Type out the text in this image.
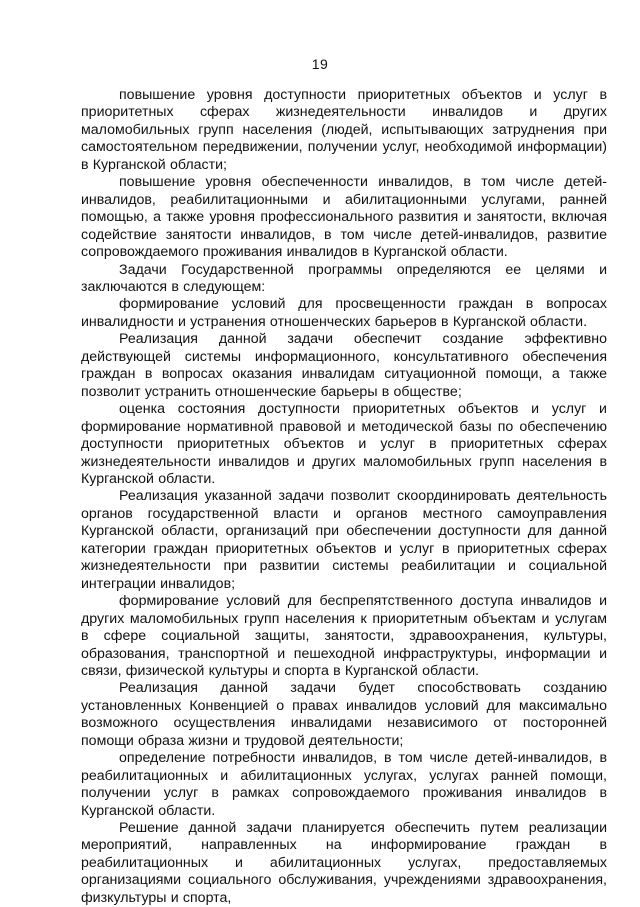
19

повышение уровня доступности приоритетных объектов и услуг в приоритетных сферах жизнедеятельности инвалидов и других маломобильных групп населения (людей, испытывающих затруднения при самостоятельном передвижении, получении услуг, необходимой информации) в Курганской области;

повышение уровня обеспеченности инвалидов, в том числе детей-инвалидов, реабилитационными и абилитационными услугами, ранней помощью, а также уровня профессионального развития и занятости, включая содействие занятости инвалидов, в том числе детей-инвалидов, развитие сопровождаемого проживания инвалидов в Курганской области.

Задачи Государственной программы определяются ее целями и заключаются в следующем:

формирование условий для просвещенности граждан в вопросах инвалидности и устранения отношенческих барьеров в Курганской области.

Реализация данной задачи обеспечит создание эффективно действующей системы информационного, консультативного обеспечения граждан в вопросах оказания инвалидам ситуационной помощи, а также позволит устранить отношенческие барьеры в обществе;

оценка состояния доступности приоритетных объектов и услуг и формирование нормативной правовой и методической базы по обеспечению доступности приоритетных объектов и услуг в приоритетных сферах жизнедеятельности инвалидов и других маломобильных групп населения в Курганской области.

Реализация указанной задачи позволит скоординировать деятельность органов государственной власти и органов местного самоуправления Курганской области, организаций при обеспечении доступности для данной категории граждан приоритетных объектов и услуг в приоритетных сферах жизнедеятельности при развитии системы реабилитации и социальной интеграции инвалидов;

формирование условий для беспрепятственного доступа инвалидов и других маломобильных групп населения к приоритетным объектам и услугам в сфере социальной защиты, занятости, здравоохранения, культуры, образования, транспортной и пешеходной инфраструктуры, информации и связи, физической культуры и спорта в Курганской области.

Реализация данной задачи будет способствовать созданию установленных Конвенцией о правах инвалидов условий для максимально возможного осуществления инвалидами независимого от посторонней помощи образа жизни и трудовой деятельности;

определение потребности инвалидов, в том числе детей-инвалидов, в реабилитационных и абилитационных услугах, услугах ранней помощи, получении услуг в рамках сопровождаемого проживания инвалидов в Курганской области.

Решение данной задачи планируется обеспечить путем реализации мероприятий, направленных на информирование граждан в реабилитационных и абилитационных услугах, предоставляемых организациями социального обслуживания, учреждениями здравоохранения, физкультуры и спорта,
